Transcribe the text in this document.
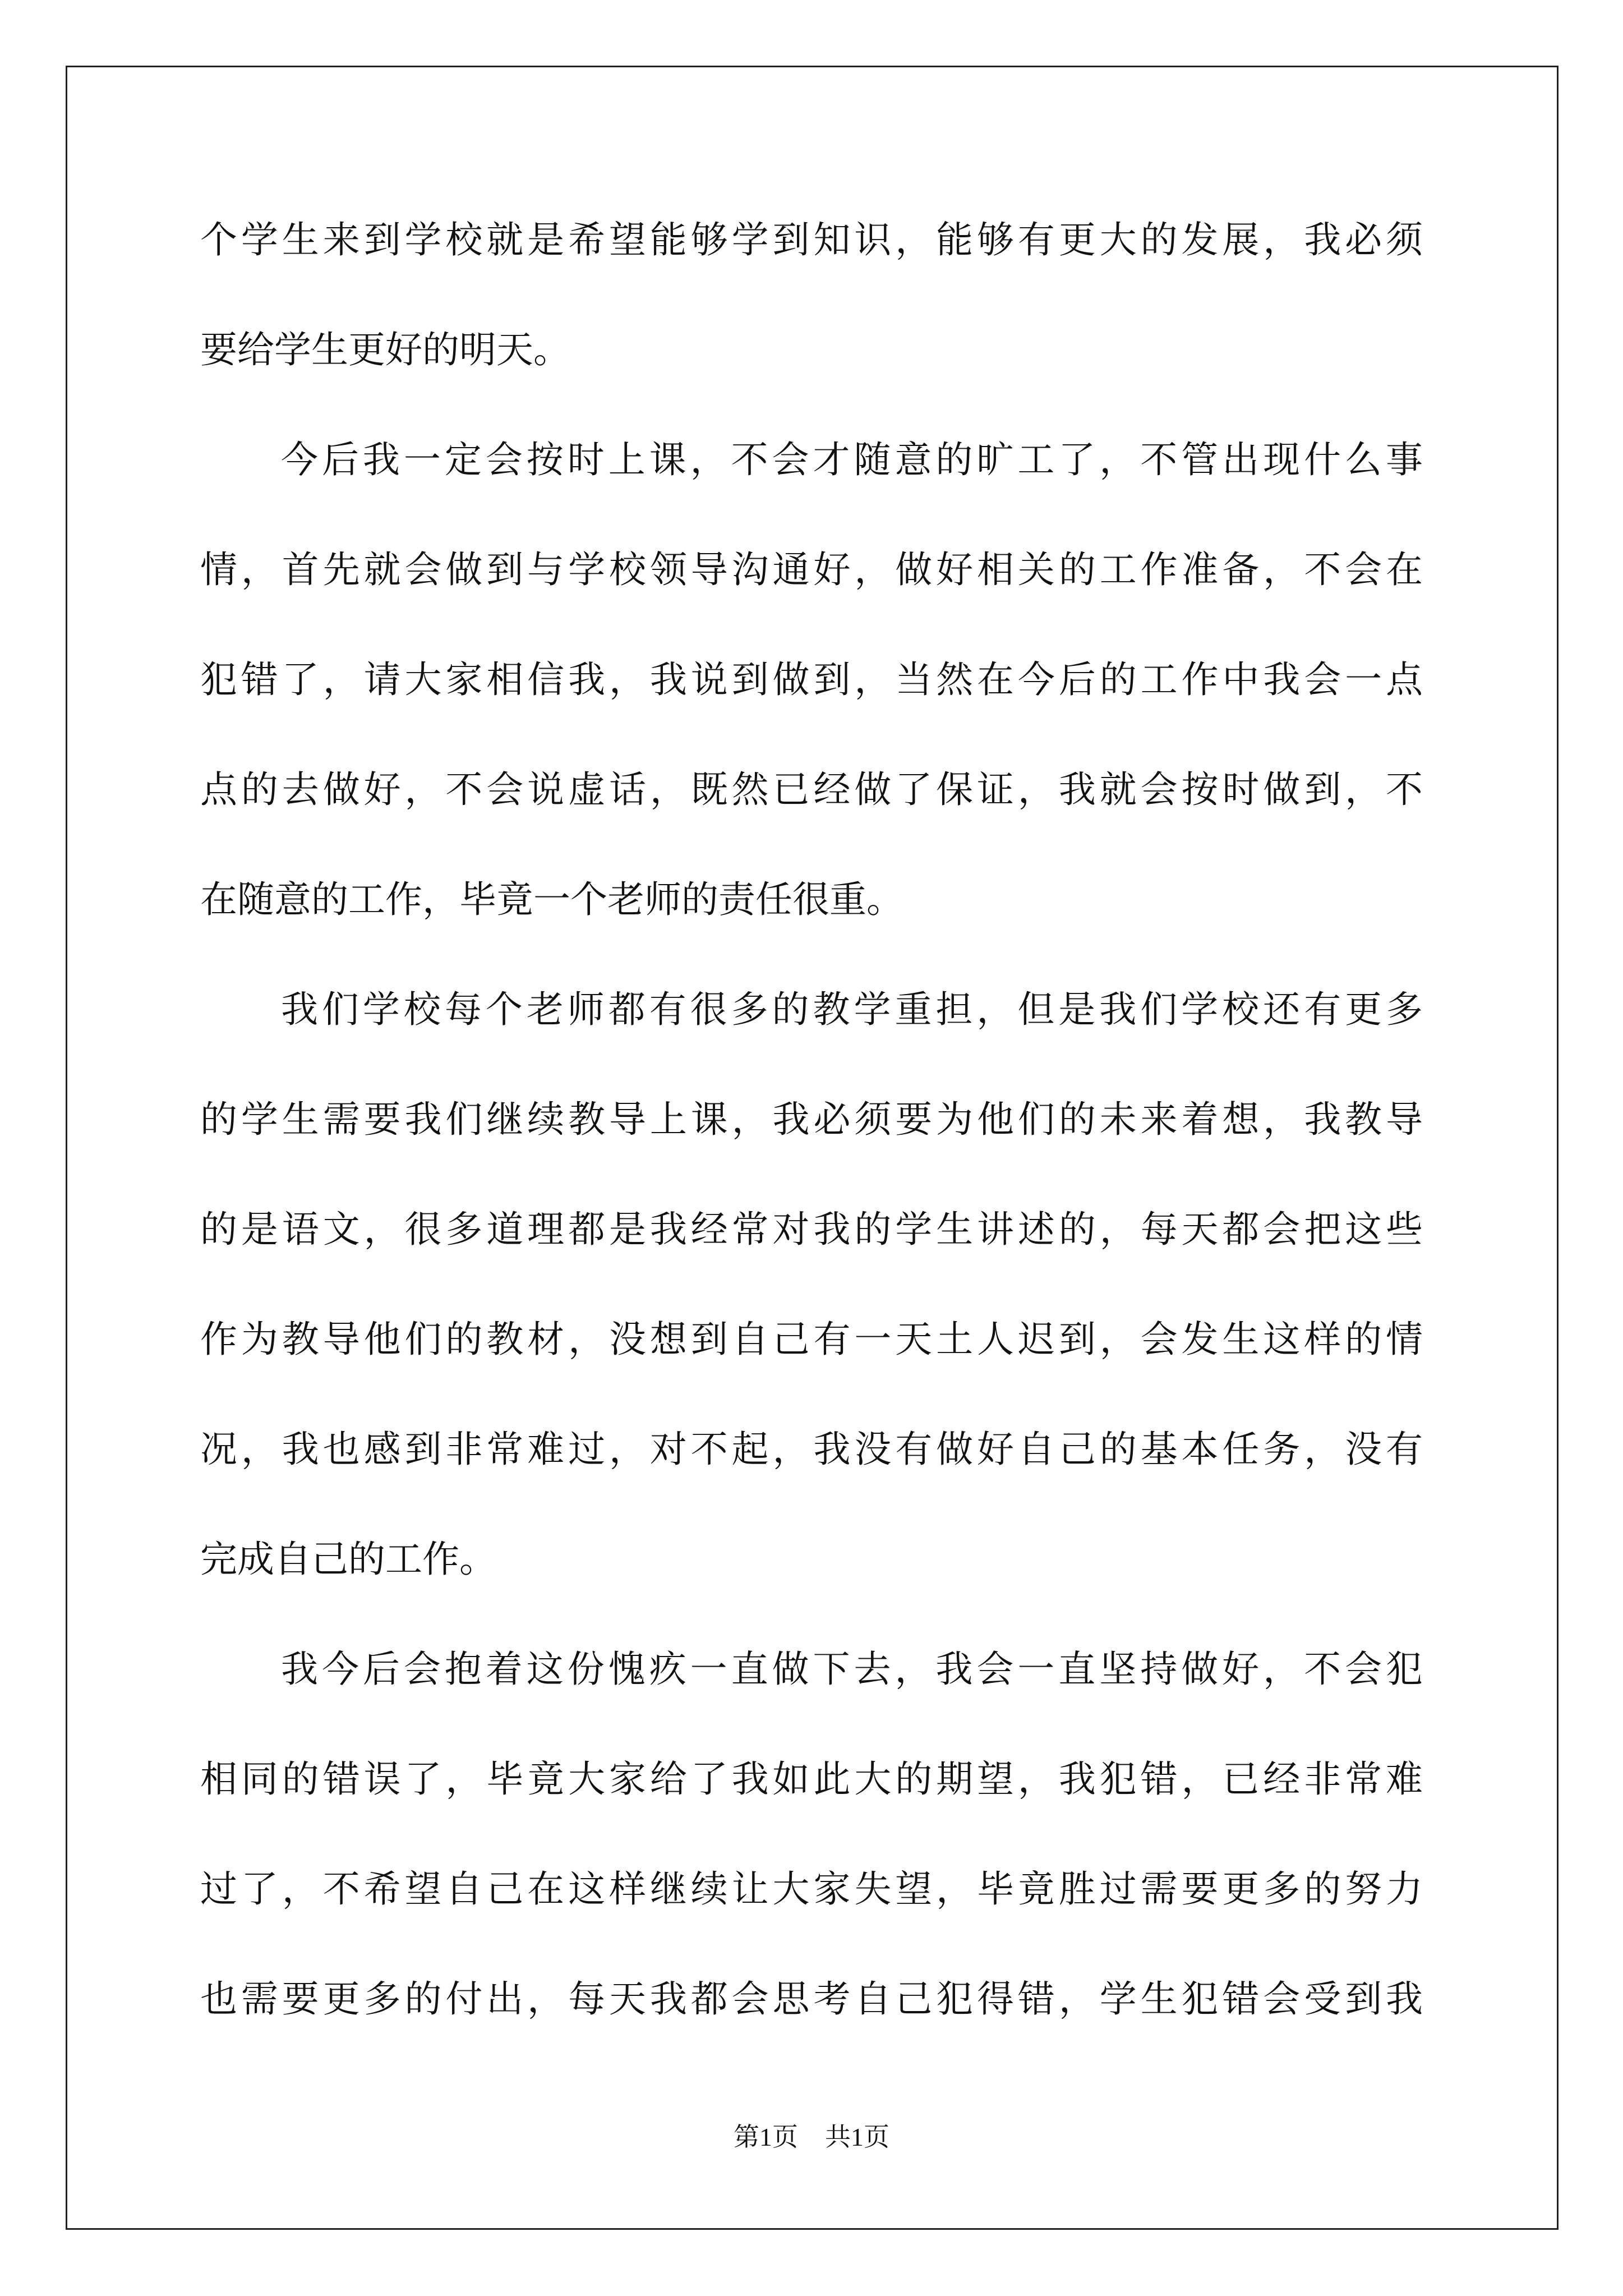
个学生来到学校就是希望能够学到知识，能够有更大的发展，我必须
要给学生更好的明天。
今后我一定会按时上课，不会才随意的旷工了，不管出现什么事
情，首先就会做到与学校领导沟通好，做好相关的工作准备，不会在
犯错了，请大家相信我，我说到做到，当然在今后的工作中我会一点
点的去做好，不会说虚话，既然已经做了保证，我就会按时做到，不
在随意的工作，毕竟一个老师的责任很重。
我们学校每个老师都有很多的教学重担，但是我们学校还有更多
的学生需要我们继续教导上课，我必须要为他们的未来着想，我教导
的是语文，很多道理都是我经常对我的学生讲述的，每天都会把这些
作为教导他们的教材，没想到自己有一天土人迟到，会发生这样的情
况，我也感到非常难过，对不起，我没有做好自己的基本任务，没有
完成自己的工作。
我今后会抱着这份愧疚一直做下去，我会一直坚持做好，不会犯
相同的错误了，毕竟大家给了我如此大的期望，我犯错，已经非常难
过了，不希望自己在这样继续让大家失望，毕竟胜过需要更多的努力
也需要更多的付出，每天我都会思考自己犯得错，学生犯错会受到我
第1页 共1页
